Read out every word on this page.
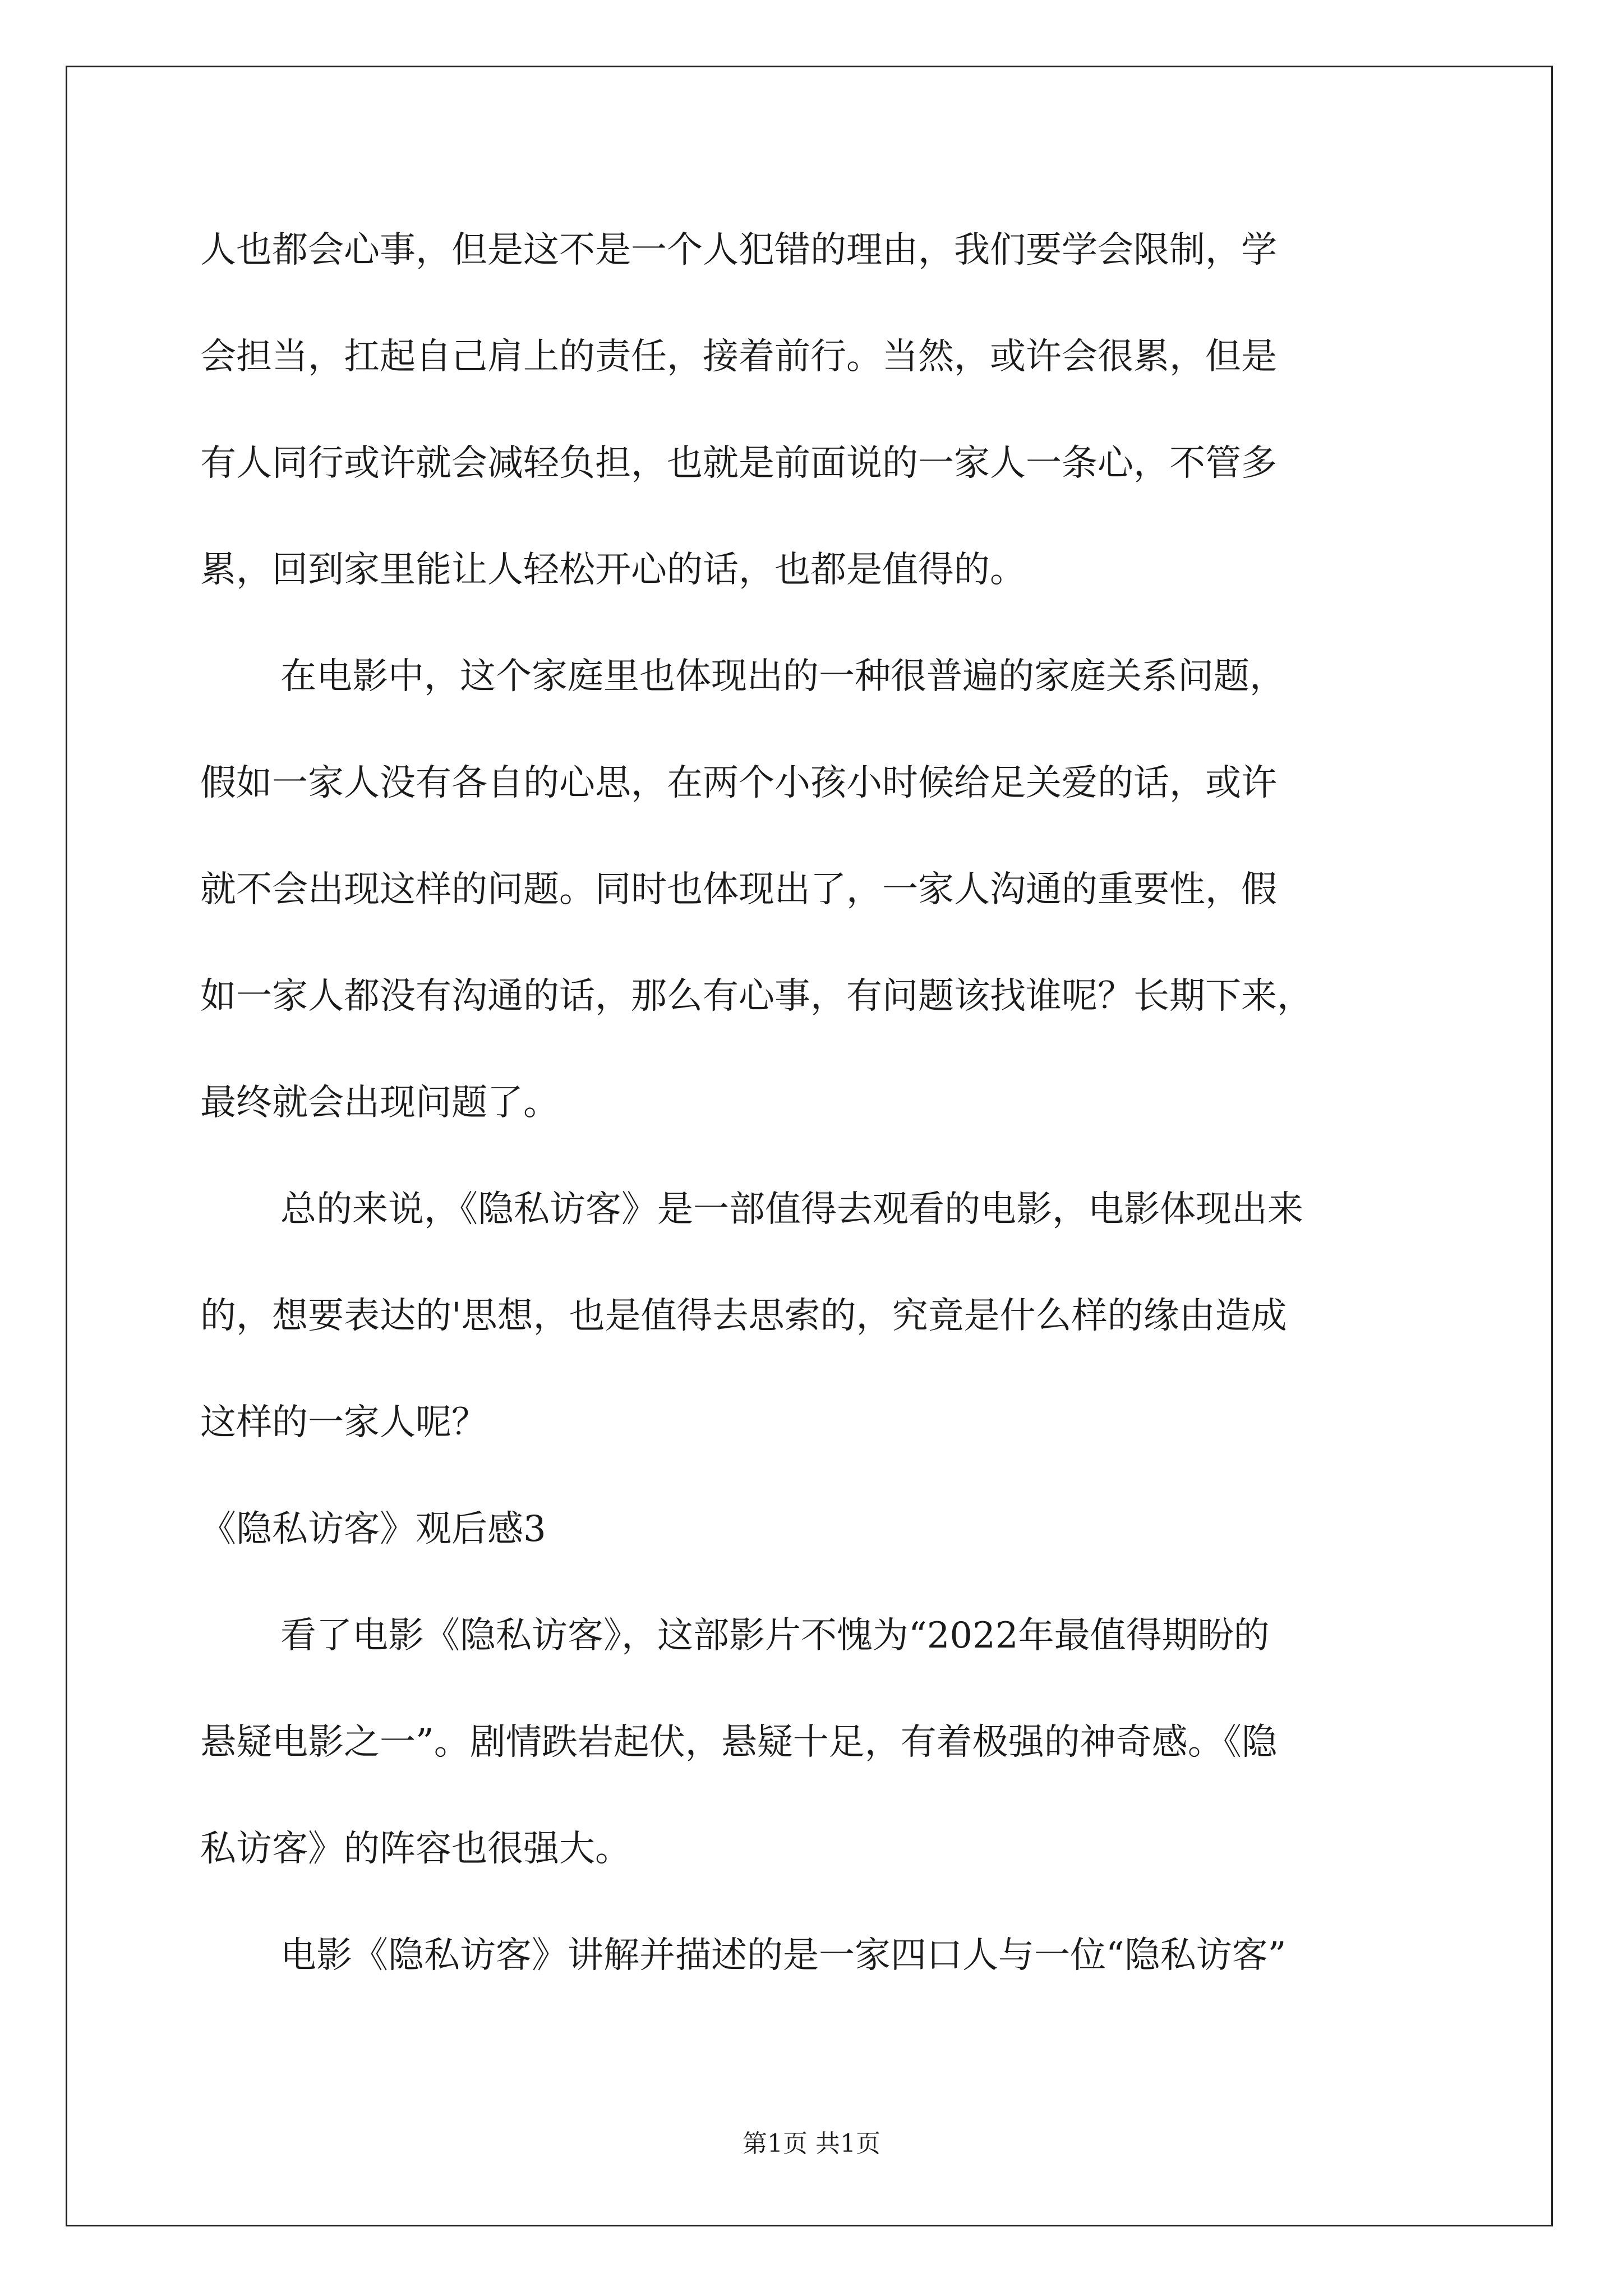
人也都会心事，但是这不是一个人犯错的理由，我们要学会限制，学

会担当，扛起自己肩上的责任，接着前行。当然，或许会很累，但是

有人同行或许就会减轻负担，也就是前面说的一家人一条心，不管多

累，回到家里能让人轻松开心的话，也都是值得的。

在电影中，这个家庭里也体现出的一种很普遍的家庭关系问题，

假如一家人没有各自的心思，在两个小孩小时候给足关爱的话，或许

就不会出现这样的问题。同时也体现出了，一家人沟通的重要性，假

如一家人都没有沟通的话，那么有心事，有问题该找谁呢？长期下来，

最终就会出现问题了。

总的来说，《隐私访客》是一部值得去观看的电影，电影体现出来

的，想要表达的'思想，也是值得去思索的，究竟是什么样的缘由造成

这样的一家人呢？

《隐私访客》观后感3

看了电影《隐私访客》，这部影片不愧为“2022年最值得期盼的

悬疑电影之一”。剧情跌岩起伏，悬疑十足，有着极强的神奇感。《隐

私访客》的阵容也很强大。

电影《隐私访客》讲解并描述的是一家四口人与一位“隐私访客”

第1页 共1页
